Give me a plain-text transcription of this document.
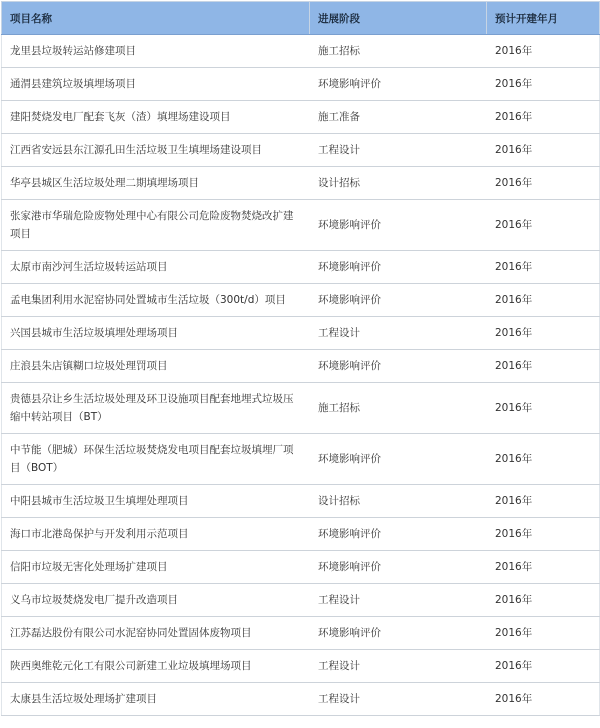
项目名称	进展阶段	预计开建年月
龙里县垃圾转运站修建项目	施工招标	2016年
通渭县建筑垃圾填埋场项目	环境影响评价	2016年
建阳焚烧发电厂配套飞灰（渣）填埋场建设项目	施工准备	2016年
江西省安远县东江源孔田生活垃圾卫生填埋场建设项目	工程设计	2016年
华亭县城区生活垃圾处理二期填埋场项目	设计招标	2016年
张家港市华瑞危险废物处理中心有限公司危险废物焚烧改扩建项目	环境影响评价	2016年
太原市南沙河生活垃圾转运站项目	环境影响评价	2016年
孟电集团利用水泥窑协同处置城市生活垃圾（300t/d）项目	环境影响评价	2016年
兴国县城市生活垃圾填埋处理场项目	工程设计	2016年
庄浪县朱店镇糊口垃圾处理罚项目	环境影响评价	2016年
贵德县尕让乡生活垃圾处理及环卫设施项目配套地埋式垃圾压缩中转站项目（BT）	施工招标	2016年
中节能（肥城）环保生活垃圾焚烧发电项目配套垃圾填埋厂项目（BOT）	环境影响评价	2016年
中阳县城市生活垃圾卫生填埋处理项目	设计招标	2016年
海口市北港岛保护与开发利用示范项目	环境影响评价	2016年
信阳市垃圾无害化处理场扩建项目	环境影响评价	2016年
义乌市垃圾焚烧发电厂提升改造项目	工程设计	2016年
江苏磊达股份有限公司水泥窑协同处置固体废物项目	环境影响评价	2016年
陕西奥维乾元化工有限公司新建工业垃圾填埋场项目	工程设计	2016年
太康县生活垃圾处理场扩建项目	工程设计	2016年
